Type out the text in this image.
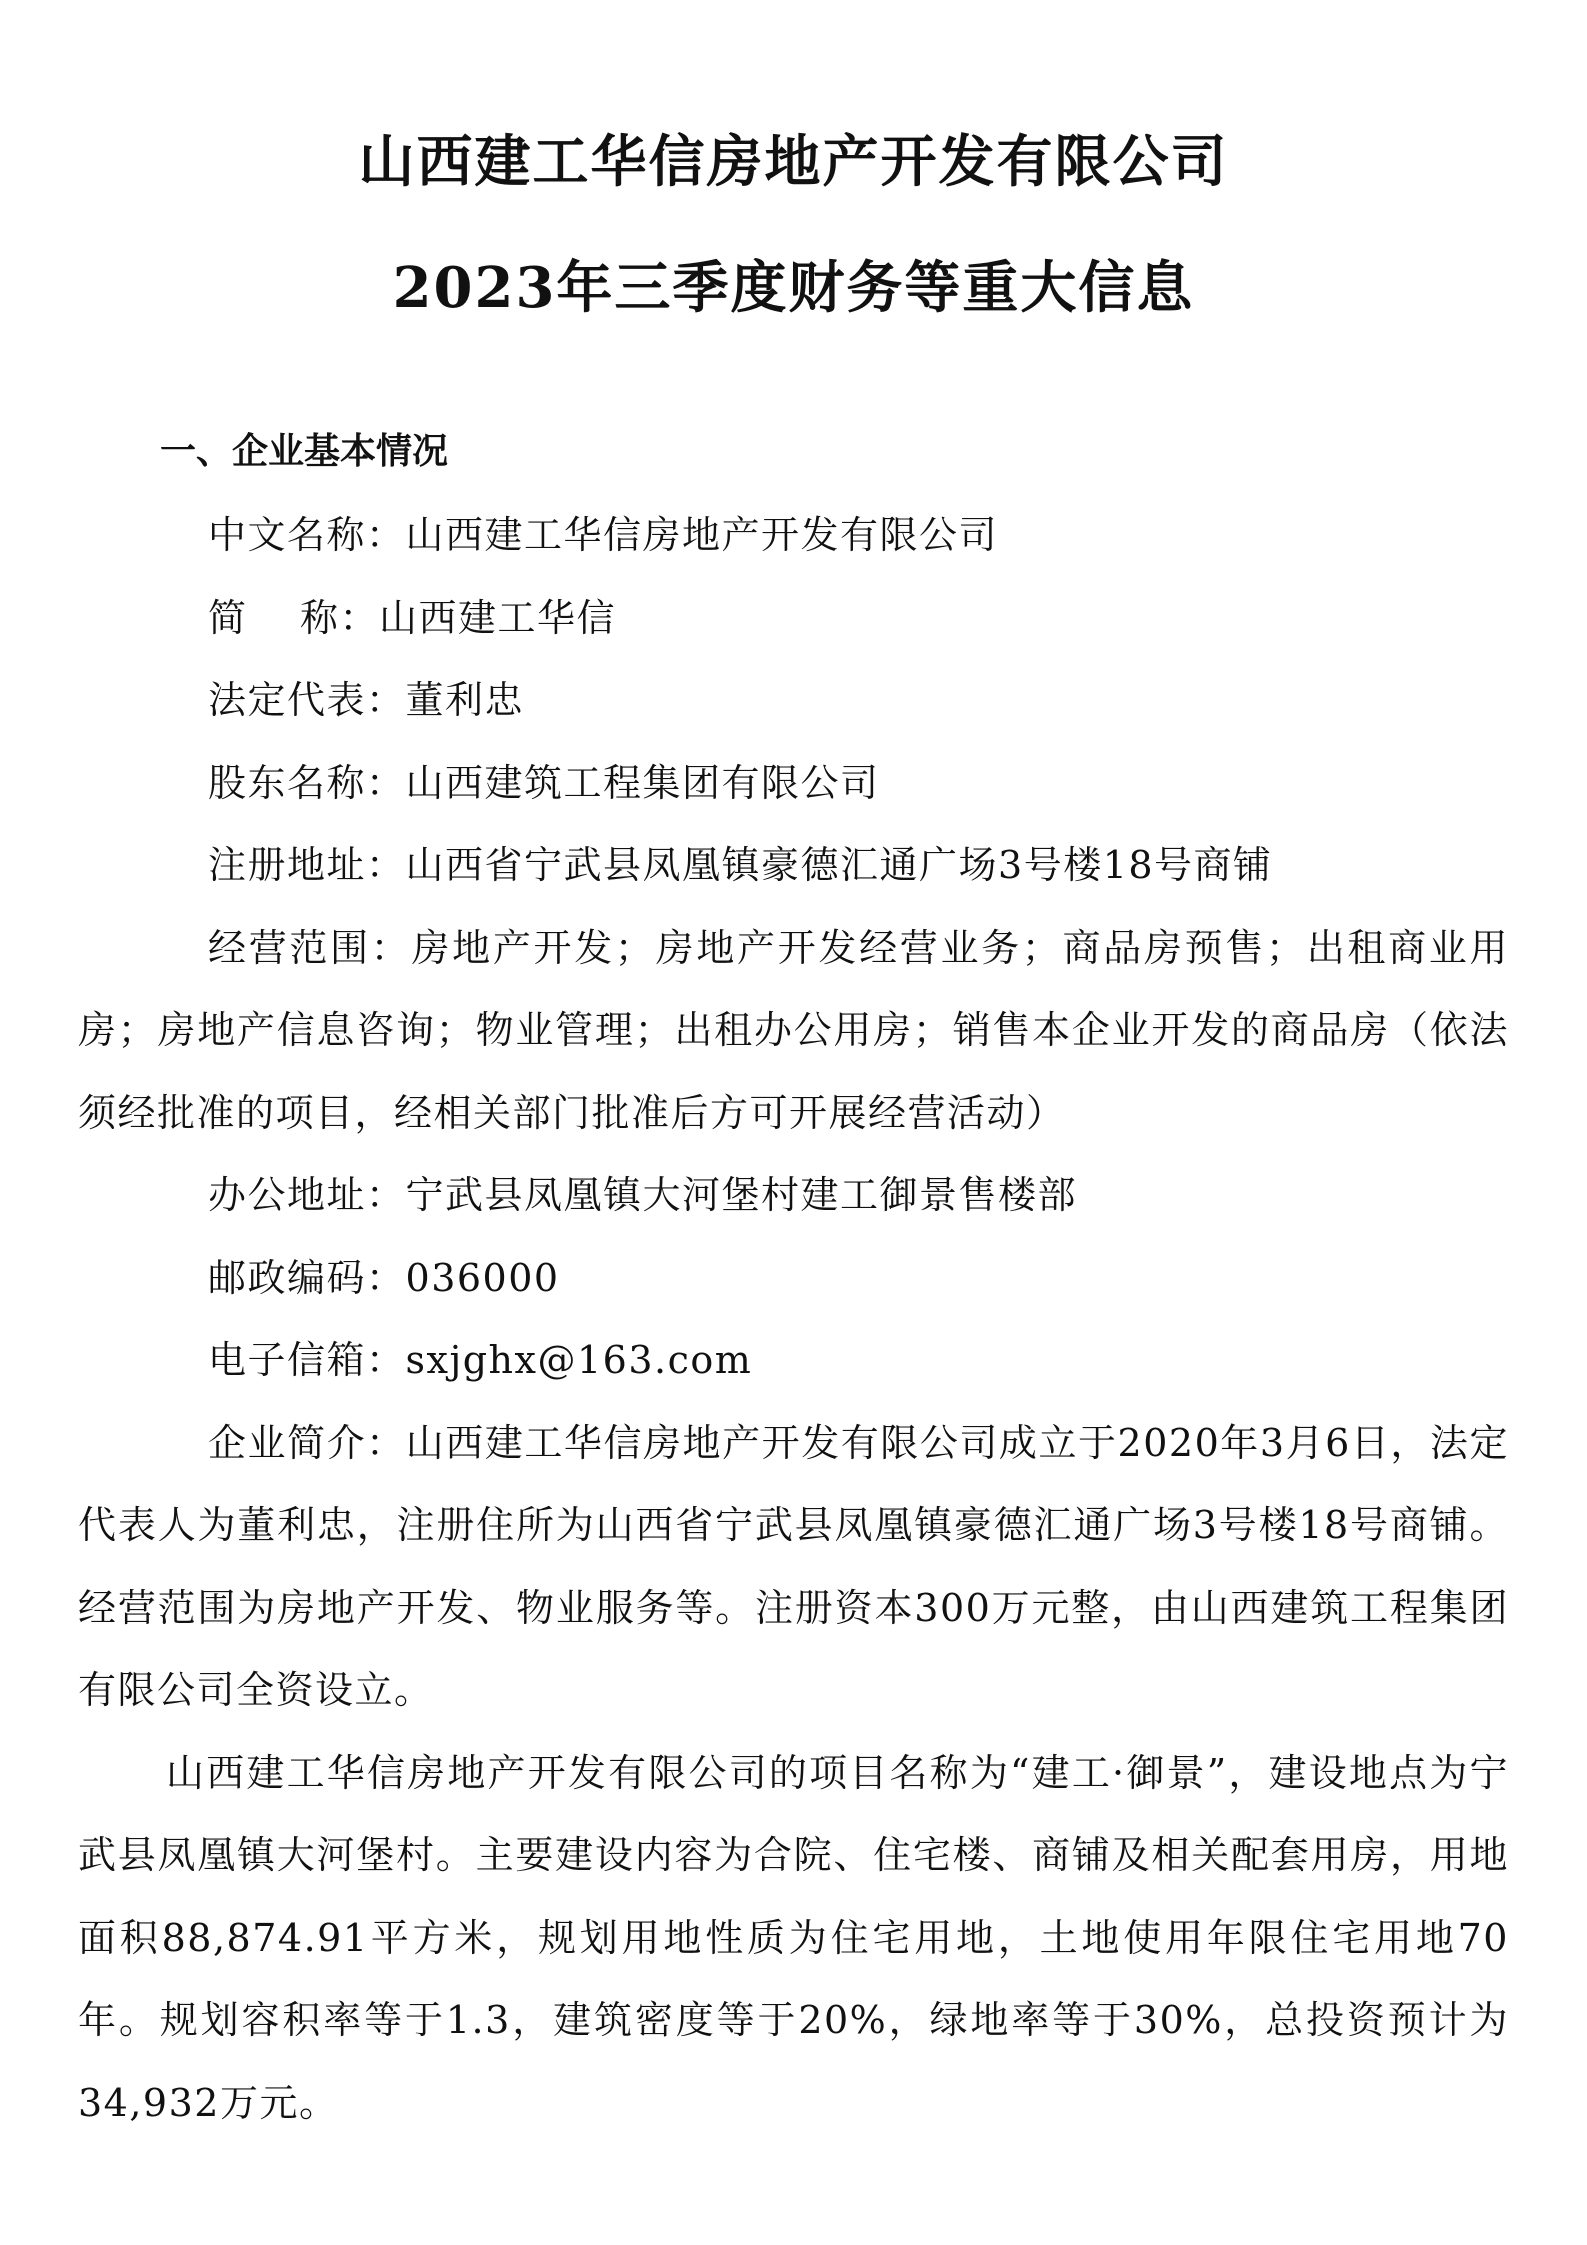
山西建工华信房地产开发有限公司
2023年三季度财务等重大信息

一、企业基本情况

中文名称：山西建工华信房地产开发有限公司

简称：山西建工华信

法定代表：董利忠

股东名称：山西建筑工程集团有限公司

注册地址：山西省宁武县凤凰镇豪德汇通广场3号楼18号商铺

经营范围：房地产开发；房地产开发经营业务；商品房预售；出租商业用房；房地产信息咨询；物业管理；出租办公用房；销售本企业开发的商品房（依法须经批准的项目，经相关部门批准后方可开展经营活动）

办公地址：宁武县凤凰镇大河堡村建工御景售楼部

邮政编码：036000

电子信箱：sxjghx@163.com

企业简介：山西建工华信房地产开发有限公司成立于2020年3月6日，法定代表人为董利忠，注册住所为山西省宁武县凤凰镇豪德汇通广场3号楼18号商铺。经营范围为房地产开发、物业服务等。注册资本300万元整，由山西建筑工程集团有限公司全资设立。

山西建工华信房地产开发有限公司的项目名称为“建工·御景”，建设地点为宁武县凤凰镇大河堡村。主要建设内容为合院、住宅楼、商铺及相关配套用房，用地面积88,874.91平方米，规划用地性质为住宅用地，土地使用年限住宅用地70年。规划容积率等于1.3，建筑密度等于20%，绿地率等于30%，总投资预计为34,932万元。
